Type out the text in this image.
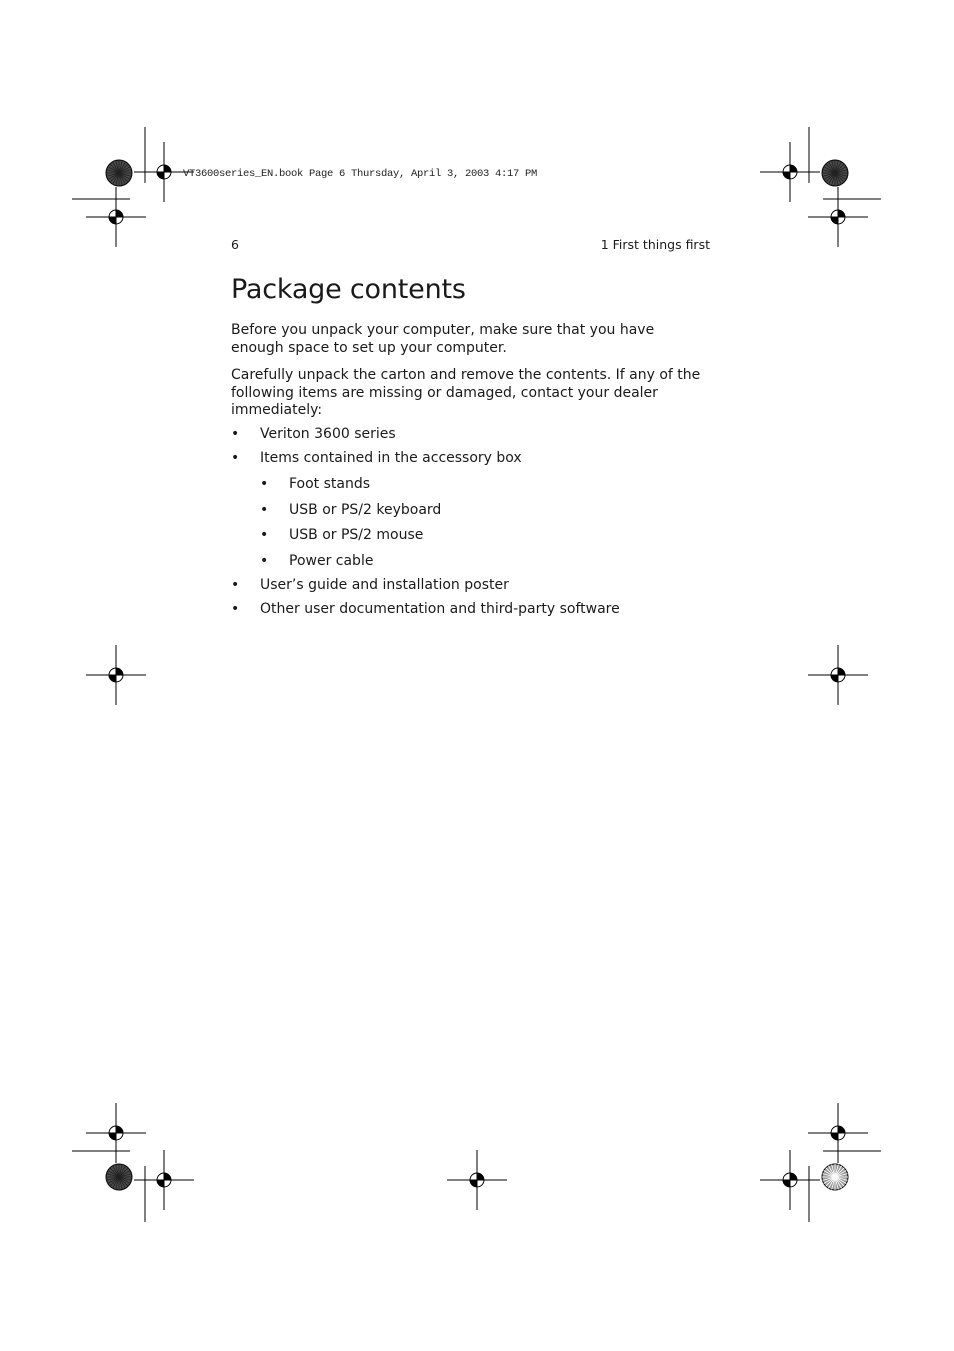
VT3600series_EN.book Page 6 Thursday, April 3, 2003 4:17 PM
6	1 First things first
Package contents

Before you unpack your computer, make sure that you have enough space to set up your computer.

Carefully unpack the carton and remove the contents. If any of the following items are missing or damaged, contact your dealer immediately:

• Veriton 3600 series
• Items contained in the accessory box
• Foot stands
• USB or PS/2 keyboard
• USB or PS/2 mouse
• Power cable
• User’s guide and installation poster
• Other user documentation and third-party software
